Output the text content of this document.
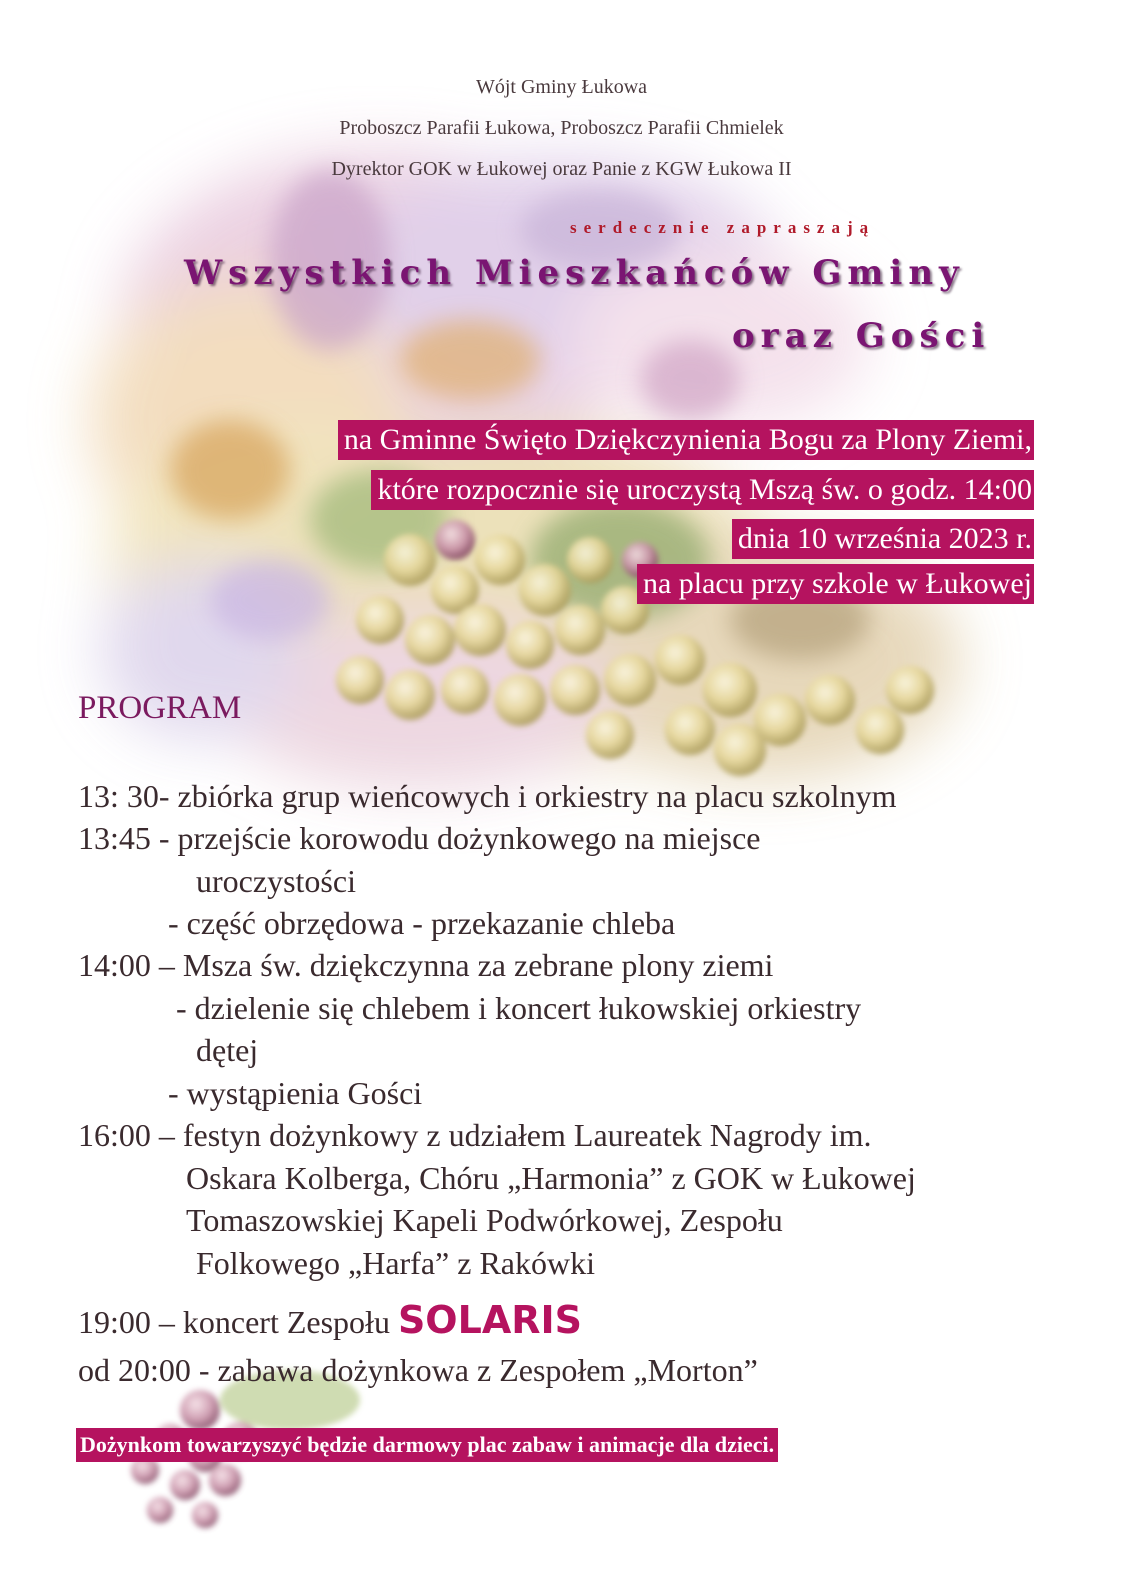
Wójt Gminy Łukowa
Proboszcz Parafii Łukowa, Proboszcz Parafii Chmielek
Dyrektor GOK w Łukowej oraz Panie z KGW Łukowa II
serdecznie zapraszają
Wszystkich Mieszkańców Gminy
oraz Gości
na Gminne Święto Dziękczynienia Bogu za Plony Ziemi,
które rozpocznie się uroczystą Mszą św. o godz. 14:00
dnia 10 września 2023 r.
na placu przy szkole w Łukowej
PROGRAM
13: 30- zbiórka grup wieńcowych i orkiestry na placu szkolnym
13:45 - przejście korowodu dożynkowego na miejsce
uroczystości
- część obrzędowa - przekazanie chleba
14:00 – Msza św. dziękczynna za zebrane plony ziemi
- dzielenie się chlebem i koncert łukowskiej orkiestry
dętej
- wystąpienia Gości
16:00 – festyn dożynkowy z udziałem Laureatek Nagrody im.
Oskara Kolberga, Chóru „Harmonia” z GOK w Łukowej
Tomaszowskiej Kapeli Podwórkowej, Zespołu
Folkowego „Harfa” z Rakówki
19:00 – koncert Zespołu SOLARIS
od 20:00 - zabawa dożynkowa z Zespołem „Morton”
Dożynkom towarzyszyć będzie darmowy plac zabaw i animacje dla dzieci.
